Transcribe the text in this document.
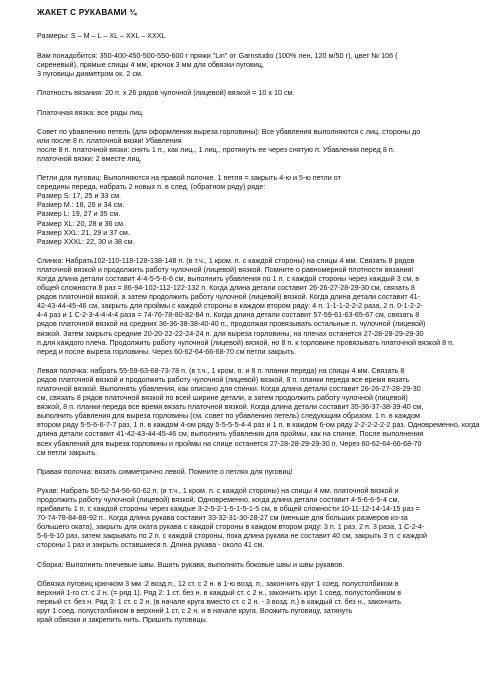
ЖАКЕТ С РУКАВАМИ ¾
Размеры: S – M – L – XL – XXL – XXXL
Вам понадобится: 350-400-450-500-550-600 г пряжи "Lin" от Garnstudio (100% лен, 120 м/50 г), цвет № 106 (
сиреневый), прямые спицы 4 мм, крючок 3 мм для обвязки пуговиц,
3 пуговицы диаметром ок. 2 см.
Плотность вязания: 20 п. х 26 рядов чулочной (лицевой) вязкой = 10 х 10 см.
Платочная вязка: все ряды лиц.
Совет по уbавлению петель (для оформления выреза горловины): Все убавления выполняются с лиц. стороны до
или после 8 п. платочной вязки! Убавления
после 8 п. платочной вязки: снять 1 п., как лиц., 1 лиц., протянуть ее через снятую п. Убавления перед 8 п.
платочной вязки: 2 вместе лиц.
Петли для пуговиц: Выполняются на правой полочке. 1 петля = закрыть 4-ю и 5-ю петли от
середины переда, набрать 2 новых п. в след. (обратном ряду) ряде:
Размер S: 17, 25 и 33 см.
Размер M.: 18, 26 и 34 см.
Размер L: 19, 27 и 35 см.
Размер XL: 20, 28 и 36 см.
Размер XXL: 21, 29 и 37 см.
Размер XXXL: 22, 30 и 38 см.
Спинка: Набрать102-110-118-128-138-148 п. (в т.ч., 1 кром. п. с каждой стороны) на спицы 4 мм. Связать 8 рядов
платочной вязкой и продолжить работу чулочной (лицевой) вязкой. Помните о равномерной плотности вязания!
Когда длина детали составит 4-4-5-5-6-6 см, выполнить убавления по 1 п. с каждой стороны через каждый 3 см, в
общей сложности 8 раз = 86-94-102-112-122-132 п. Когда длина детали составит 26-26-27-28-29-30 см, связать 8
рядов платочной вязкой, а затем продолжить работу чулочной (лицевой) вязкой. Когда длина детали составит 41-
42-43-44-45-46 см, закрыть для проймы с каждой стороны в каждом втором ряду: 4 п. 1-1-1-2-2-2 раза, 2 п. 0-1-2-2-
4-4 раз и 1 С-2-3-4-4-4-4 раза = 74-76-78-80-82-84 п. Когда длина детали составит 57-59-61-63-65-67 см, связать 8
рядов платочной вязкой на средних 36-36-38-38-40-40 п., продолжая провязывать остальные п. чулочной (лицевой)
вязкой. Затем закрыть средние 20-20-22-22-24-24 п. для выреза горловины, на плечах останется 27-28-28-29-29-30
п.для каждого плеча. Продолжить работу чулочной (лицевой) вязкой, но 8 п. к горловине провязывать платочной вязкой 8 п.
перед и после выреза горловины. Через 60-62-64-66-68-70 см петли закрыть.
Левая полочка: набрать 55-59-63-68-73-78 п. (в т.ч., 1 кром. п. и 8 п. планки переда) на спицы 4 мм. Связать 8
рядов платочной вязкой и продолжить работу чулочной (лицевой) вязкой, 8 п. планки переда все время вязать
платочной вязкой. Выполнять убавления, как описано для спинки. Когда длина детали составит 26-26-27-28-29-30
см, связать 8 рядов платочной вязкой по всей ширине детали, а затем продолжить работу чулочной (лицевой)
вязкой, 8 п. планки переда все время вязать платочной вязкой. Когда длина детали составит 35-36-37-38-39-40 см,
выполнить убавления для выреза горловины (см. совет по убавлению петель) следующим образом: 1 п. в каждом
втором ряду 5-5-6-6-7-7 раз, 1 п. в каждом 4-ом ряду 5-5-5-5-4-4 раз и 1 п. в каждом 6-ом ряду 2-2-2-2-2-2 раз. Одновременно, когда
длина детали составит 41-42-43-44-45-46 см, выполнить убавления для проймы, как на спинке. После выполнения
всех убавлений для выреза горловины и проймы на спице останется 27-28-28-29-29-30 п. Через 60-62-64-66-68-70
см петли закрыть.
Правая полочка: вязать симметрично левой. Помните о петлях для пуговиц!
Рукав: Набрать 50-52-54-56-60-62 п. (в т.ч., 1 кром. п. с каждой стороны) на спицы 4 мм. платочной вязкой и
продолжить работу чулочной (лицевой) вязкой. Одновременно, когда длина детали составит 4-5-6-6-5-4 см,
прибавить 1 п. с каждой стороны через каждые 3-2-5-2-1-5-1-5-1-5 см, в общей сложности 10-11-12-14-14-15 раз =
70-74-78-84-88-92 п.. Когда длина рукава составит 33-32-31-30-28-27 см (меньше для больших размеров из-за
большего оката), закрыть для оката рукава с каждой стороны в каждом втором ряду: 3 п. 1 раз, 2 п. 3 раза, 1 С-2-4-
5-6-9-10 раз, затем закрывать по 2 п. с каждой стороны, пока длина рукава не составит 40 см, закрыть 3 п. с каждой
стороны 1 раз и закрыть оставшиеся п. Длина рукава - около 41 см.
Сборка: Выполнить плечевые швы. Вшить рукава, выполнить боковые швы и швы рукавов.
Обвязка пуговиц крючком 3 мм :2 возд.п., 12 ст. с 2 н. в 1-ю возд. п., закончить круг 1 соед. полустолбиком в
верхний 1-го ст. с 2 н. (= ряд 1). Ряд 2: 1 ст. без н. в каждый ст. с 2 н., закончить круг 1 соед. полустолбиком в
первый ст. без н. Ряд 3: 1 ст. с 2 н. (в начале круга вместо ст. с 2 н. - 3 возд. п.) в каждый ст. без н., закончить
круг 1 соед. полустолбиком в верхний 1 ст. с 2 н. и в начале круга. Вложить пуговицу, затянуть
край обвязки и закрепить нить. Пришить пуговицы.
